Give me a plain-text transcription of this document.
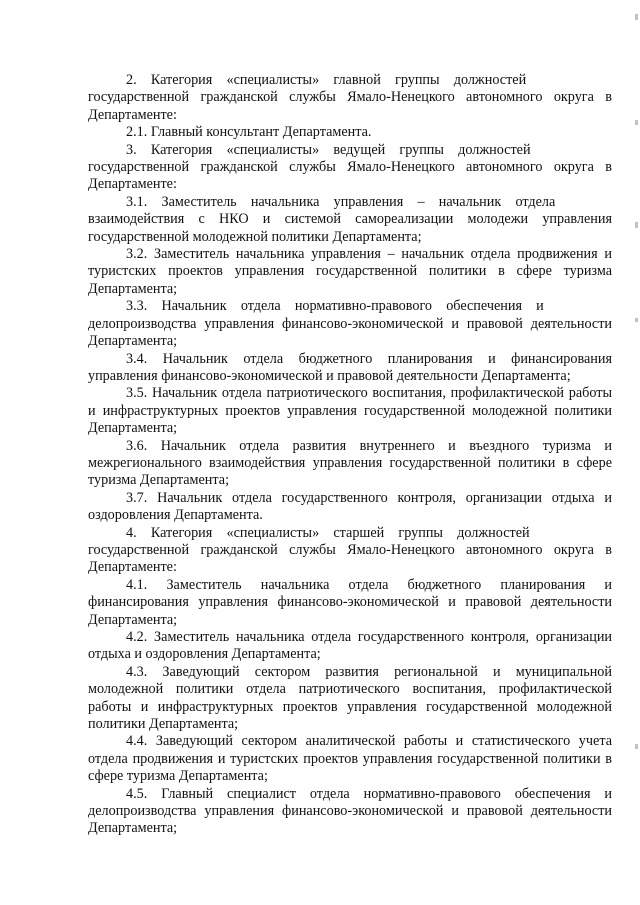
2. Категория «специалисты» главной группы должностей государственной гражданской службы Ямало-Ненецкого автономного округа в Департаменте:

2.1. Главный консультант Департамента.

3. Категория «специалисты» ведущей группы должностей государственной гражданской службы Ямало-Ненецкого автономного округа в Департаменте:

3.1. Заместитель начальника управления – начальник отдела взаимодействия с НКО и системой самореализации молодежи управления государственной молодежной политики Департамента;

3.2. Заместитель начальника управления – начальник отдела продвижения и туристских проектов управления государственной политики в сфере туризма Департамента;

3.3. Начальник отдела нормативно-правового обеспечения и делопроизводства управления финансово-экономической и правовой деятельности Департамента;

3.4. Начальник отдела бюджетного планирования и финансирования управления финансово-экономической и правовой деятельности Департамента;

3.5. Начальник отдела патриотического воспитания, профилактической работы и инфраструктурных проектов управления государственной молодежной политики Департамента;

3.6. Начальник отдела развития внутреннего и въездного туризма и межрегионального взаимодействия управления государственной политики в сфере туризма Департамента;

3.7. Начальник отдела государственного контроля, организации отдыха и оздоровления Департамента.

4. Категория «специалисты» старшей группы должностей государственной гражданской службы Ямало-Ненецкого автономного округа в Департаменте:

4.1. Заместитель начальника отдела бюджетного планирования и финансирования управления финансово-экономической и правовой деятельности Департамента;

4.2. Заместитель начальника отдела государственного контроля, организации отдыха и оздоровления Департамента;

4.3. Заведующий сектором развития региональной и муниципальной молодежной политики отдела патриотического воспитания, профилактической работы и инфраструктурных проектов управления государственной молодежной политики Департамента;

4.4. Заведующий сектором аналитической работы и статистического учета отдела продвижения и туристских проектов управления государственной политики в сфере туризма Департамента;

4.5. Главный специалист отдела нормативно-правового обеспечения и делопроизводства управления финансово-экономической и правовой деятельности Департамента;
